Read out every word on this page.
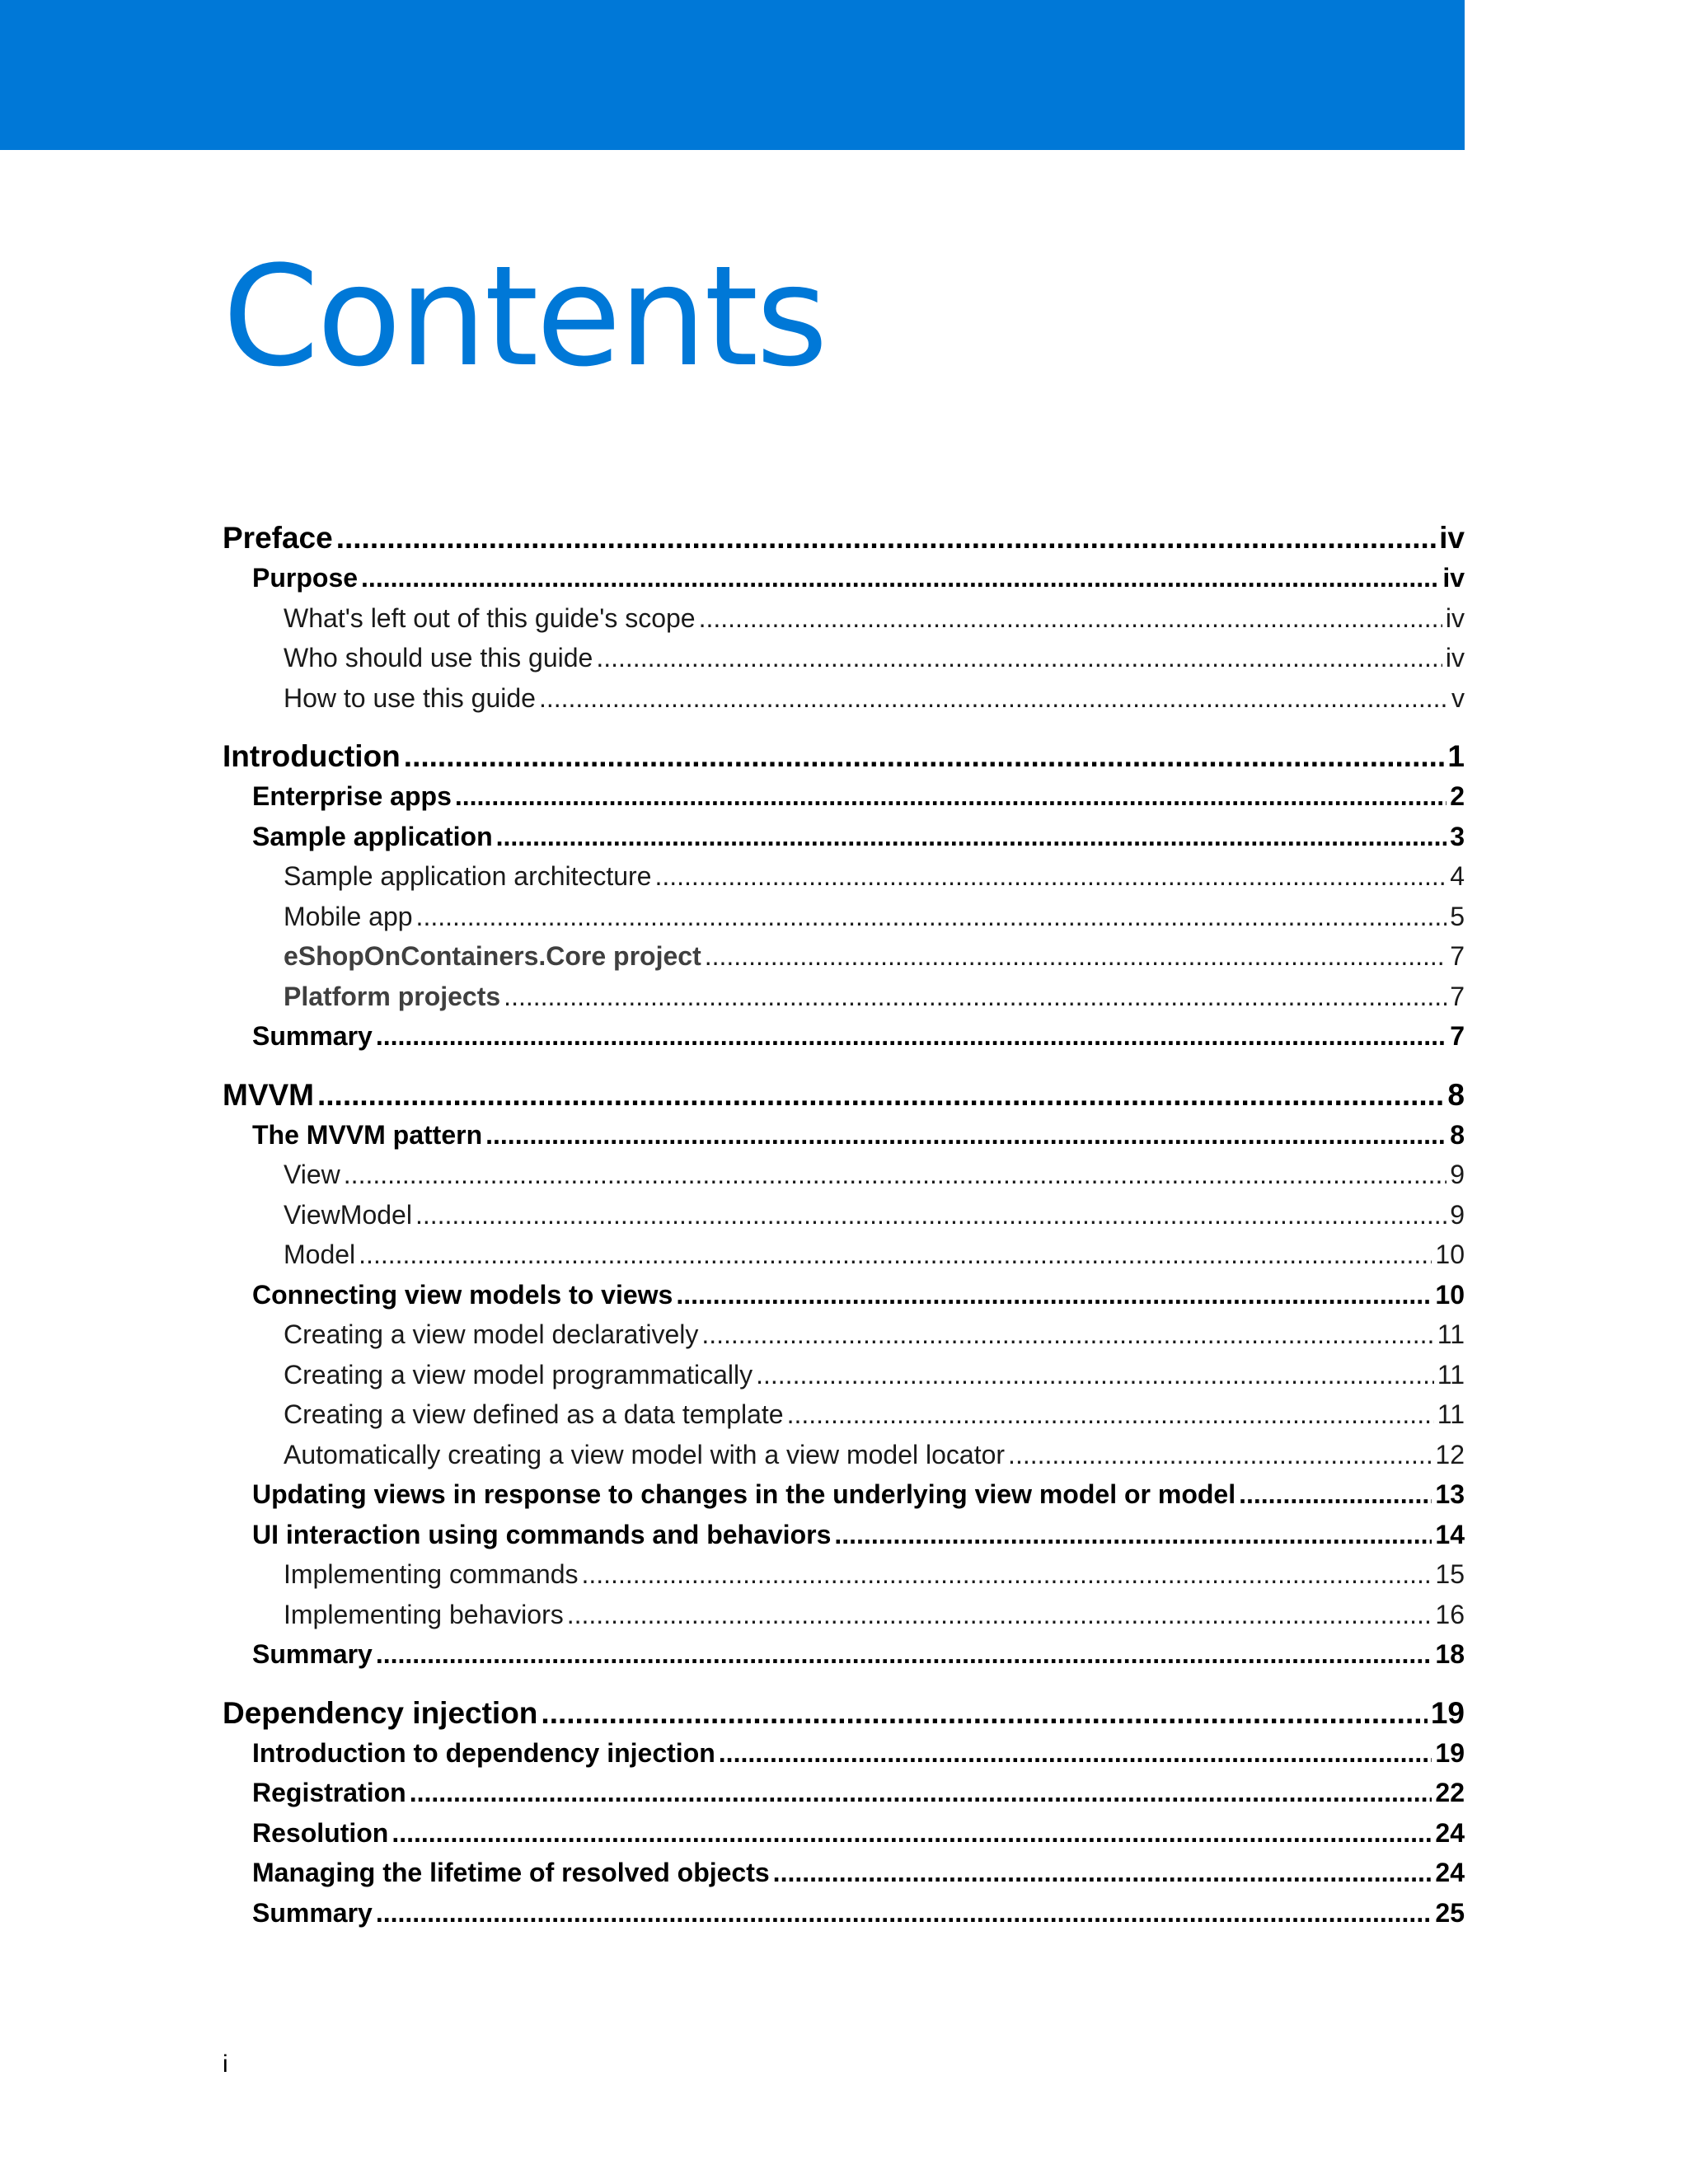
Contents
Preface .....	iv
Purpose .....	iv
What's left out of this guide's scope .....	iv
Who should use this guide .....	iv
How to use this guide .....	v
Introduction .....	1
Enterprise apps .....	2
Sample application .....	3
Sample application architecture .....	4
Mobile app .....	5
eShopOnContainers.Core project .....	7
Platform projects .....	7
Summary .....	7
MVVM .....	8
The MVVM pattern .....	8
View .....	9
ViewModel .....	9
Model .....	10
Connecting view models to views .....	10
Creating a view model declaratively .....	11
Creating a view model programmatically .....	11
Creating a view defined as a data template .....	11
Automatically creating a view model with a view model locator .....	12
Updating views in response to changes in the underlying view model or model .....	13
UI interaction using commands and behaviors .....	14
Implementing commands .....	15
Implementing behaviors .....	16
Summary .....	18
Dependency injection .....	19
Introduction to dependency injection .....	19
Registration .....	22
Resolution .....	24
Managing the lifetime of resolved objects .....	24
Summary .....	25
i
